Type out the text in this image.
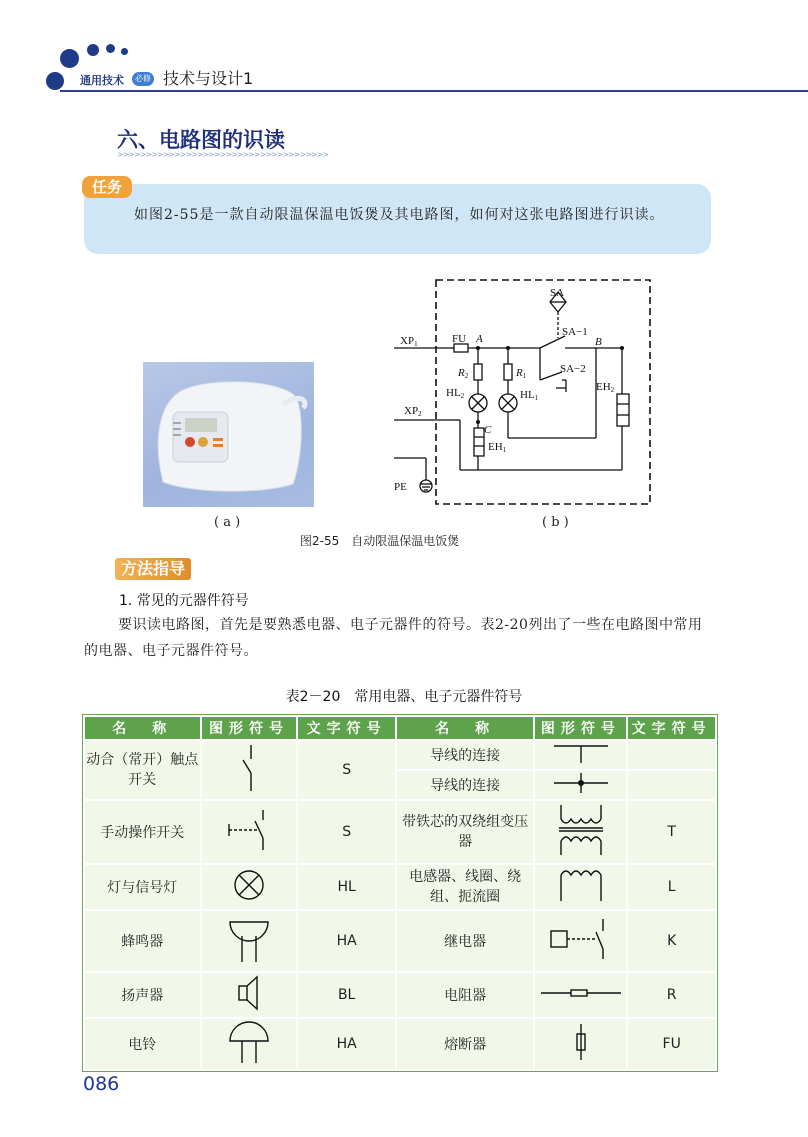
通用技术	必修 技术与设计1
六、电路图的识读
>>>>>>>>>>>>>>>>>>>>>>>>>>>>>>>>>>>>>
任务
如图2-55是一款自动限温保温电饭煲及其电路图，如何对这张电路图进行识读。
( a )
SA
SA−1
SA−2
XP1
XP2
FU A	B
C
R2	R1
HL2	HL1
EH2
EH1
PE
( b )
图2-55　自动限温保温电饭煲
方法指导
1. 常见的元器件符号
要识读电路图，首先是要熟悉电器、电子元器件的符号。表2-20列出了一些在电路图中常用的电器、电子元器件符号。
表2－20　常用电器、电子元器件符号
名　称	图形符号	文字符号	名　称	图形符号	文字符号
动合（常开）触点开关		S	导线的连接		
			导线的连接		
手动操作开关		S	带铁芯的双绕组变压器		T
灯与信号灯		HL	电感器、线圈、绕组、扼流圈		L
蜂鸣器		HA	继电器		K
扬声器		BL	电阻器		R
电铃		HA	熔断器		FU
086
